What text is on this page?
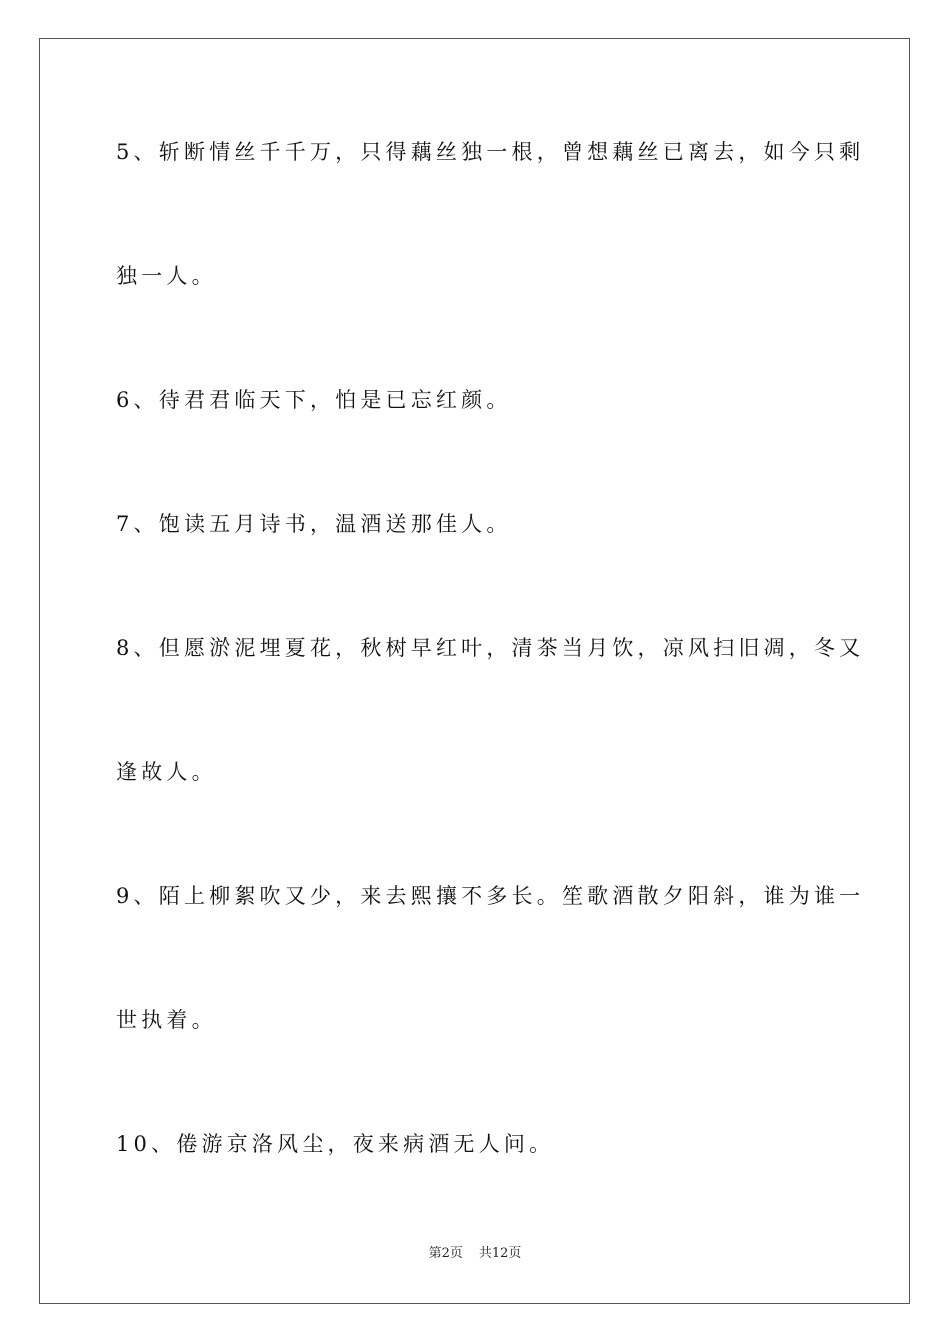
5、斩断情丝千千万，只得藕丝独一根，曾想藕丝已离去，如今只剩
独一人。
6、待君君临天下，怕是已忘红颜。
7、饱读五月诗书，温酒送那佳人。
8、但愿淤泥埋夏花，秋树早红叶，清茶当月饮，凉风扫旧凋，冬又
逢故人。
9、陌上柳絮吹又少，来去熙攘不多长。笙歌酒散夕阳斜，谁为谁一
世执着。
10、倦游京洛风尘，夜来病酒无人问。
第2页 共12页
